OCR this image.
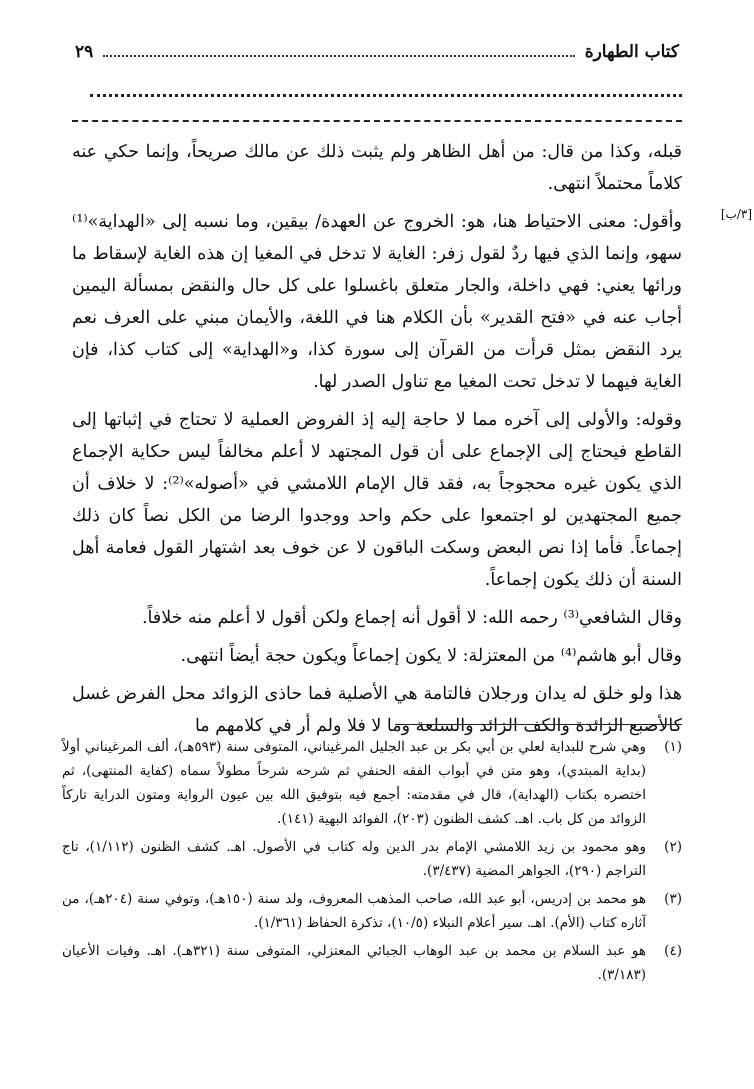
كتاب الطهارة
٢٩
[٣/ب]

قبله، وكذا من قال: من أهل الظاهر ولم يثبت ذلك عن مالك صريحاً، وإنما حكي عنه كلاماً محتملاً انتهى.

وأقول: معنى الاحتياط هنا، هو: الخروج عن العهدة/ بيقين، وما نسبه إلى «الهداية»⁽¹⁾ سهو، وإنما الذي فيها ردٌ لقول زفر: الغاية لا تدخل في المغيا إن هذه الغاية لإسقاط ما ورائها يعني: فهي داخلة، والجار متعلق باغسلوا على كل حال والنقض بمسألة اليمين أجاب عنه في «فتح القدير» بأن الكلام هنا في اللغة، والأيمان مبني على العرف نعم يرد النقض بمثل قرأت من القرآن إلى سورة كذا، و«الهداية» إلى كتاب كذا، فإن الغاية فيهما لا تدخل تحت المغيا مع تناول الصدر لها.

وقوله: والأولى إلى آخره مما لا حاجة إليه إذ الفروض العملية لا تحتاج في إثباتها إلى القاطع فيحتاج إلى الإجماع على أن قول المجتهد لا أعلم مخالفاً ليس حكاية الإجماع الذي يكون غيره محجوجاً به، فقد قال الإمام اللامشي في «أصوله»⁽²⁾: لا خلاف أن جميع المجتهدين لو اجتمعوا على حكم واحد ووجدوا الرضا من الكل نصاً كان ذلك إجماعاً. فأما إذا نص البعض وسكت الباقون لا عن خوف بعد اشتهار القول فعامة أهل السنة أن ذلك يكون إجماعاً.

وقال الشافعي⁽³⁾ رحمه الله: لا أقول أنه إجماع ولكن أقول لا أعلم منه خلافاً.

وقال أبو هاشم⁽⁴⁾ من المعتزلة: لا يكون إجماعاً ويكون حجة أيضاً انتهى.

هذا ولو خلق له يدان ورجلان فالتامة هي الأصلية فما حاذى الزوائد محل الفرض غسل كالأصبع الزائدة والكف الزائد والسلعة وما لا فلا ولم أر في كلامهم ما

(١)
وهي شرح للبداية لعلي بن أبي بكر بن عبد الجليل المرغيناني، المتوفى سنة (٥٩٣هـ)، ألف المرغيناني أولاً (بداية المبتدي)، وهو متن في أبواب الفقه الحنفي ثم شرحه شرحاً مطولاً سماه (كفاية المنتهى)، ثم اختصره بكتاب (الهداية)، قال في مقدمته: أجمع فيه بتوفيق الله بين عيون الرواية ومتون الدراية تاركاً الزوائد من كل باب. اهـ. كشف الظنون (٢٠٣)، الفوائد البهية (١٤١).
(٢)
وهو محمود بن زيد اللامشي الإمام بدر الدين وله كتاب في الأصول. اهـ. كشف الظنون (١/١١٢)، تاج التراجم (٢٩٠)، الجواهر المضية (٣/٤٣٧).
(٣)
هو محمد بن إدريس، أبو عبد الله، صاحب المذهب المعروف، ولد سنة (١٥٠هـ)، وتوفي سنة (٢٠٤هـ)، من آثاره كتاب (الأم). اهـ. سير أعلام النبلاء (١٠/٥)، تذكرة الحفاظ (١/٣٦١).
(٤)
هو عبد السلام بن محمد بن عبد الوهاب الجبائي المعتزلي، المتوفى سنة (٣٢١هـ). اهـ. وفيات الأعيان (٣/١٨٣).
